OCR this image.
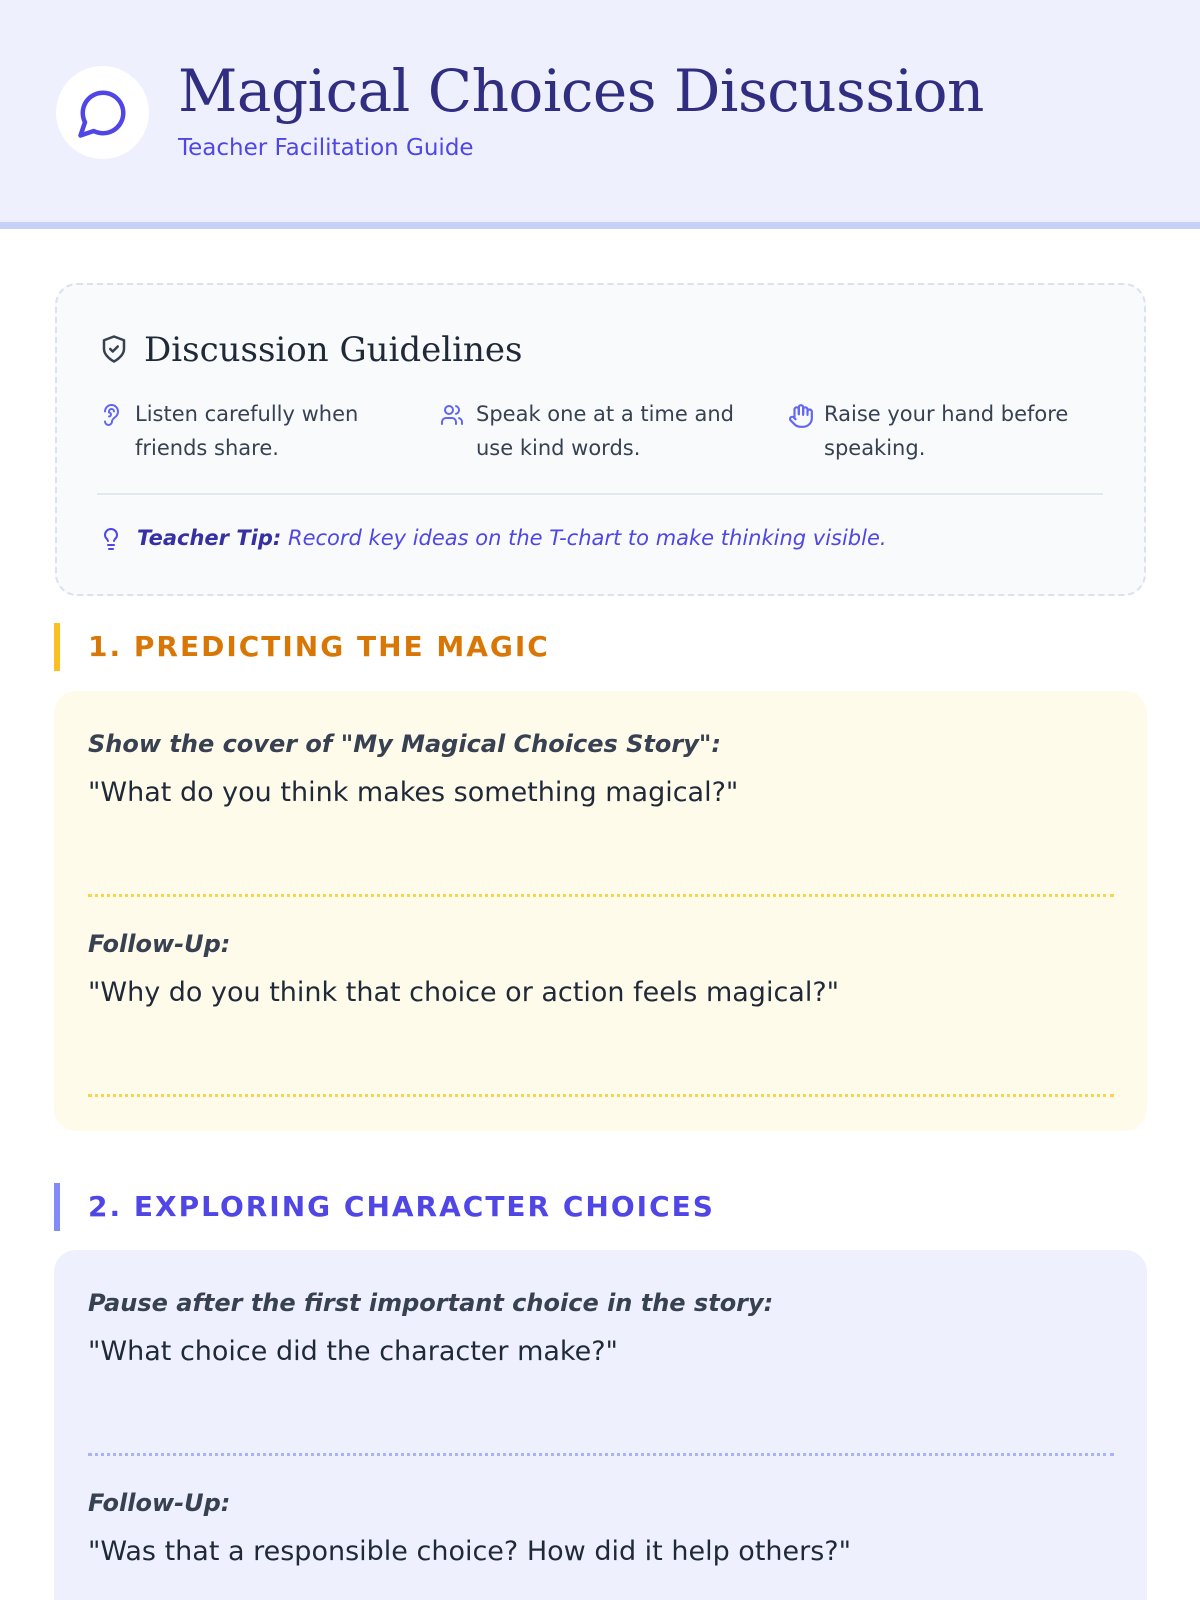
Magical Choices Discussion
Teacher Facilitation Guide
Discussion Guidelines
Listen carefully when friends share.
Speak one at a time and use kind words.
Raise your hand before speaking.
Teacher Tip: Record key ideas on the T-chart to make thinking visible.
1. PREDICTING THE MAGIC
Show the cover of "My Magical Choices Story":
"What do you think makes something magical?"
Follow-Up:
"Why do you think that choice or action feels magical?"
2. EXPLORING CHARACTER CHOICES
Pause after the first important choice in the story:
"What choice did the character make?"
Follow-Up:
"Was that a responsible choice? How did it help others?"
